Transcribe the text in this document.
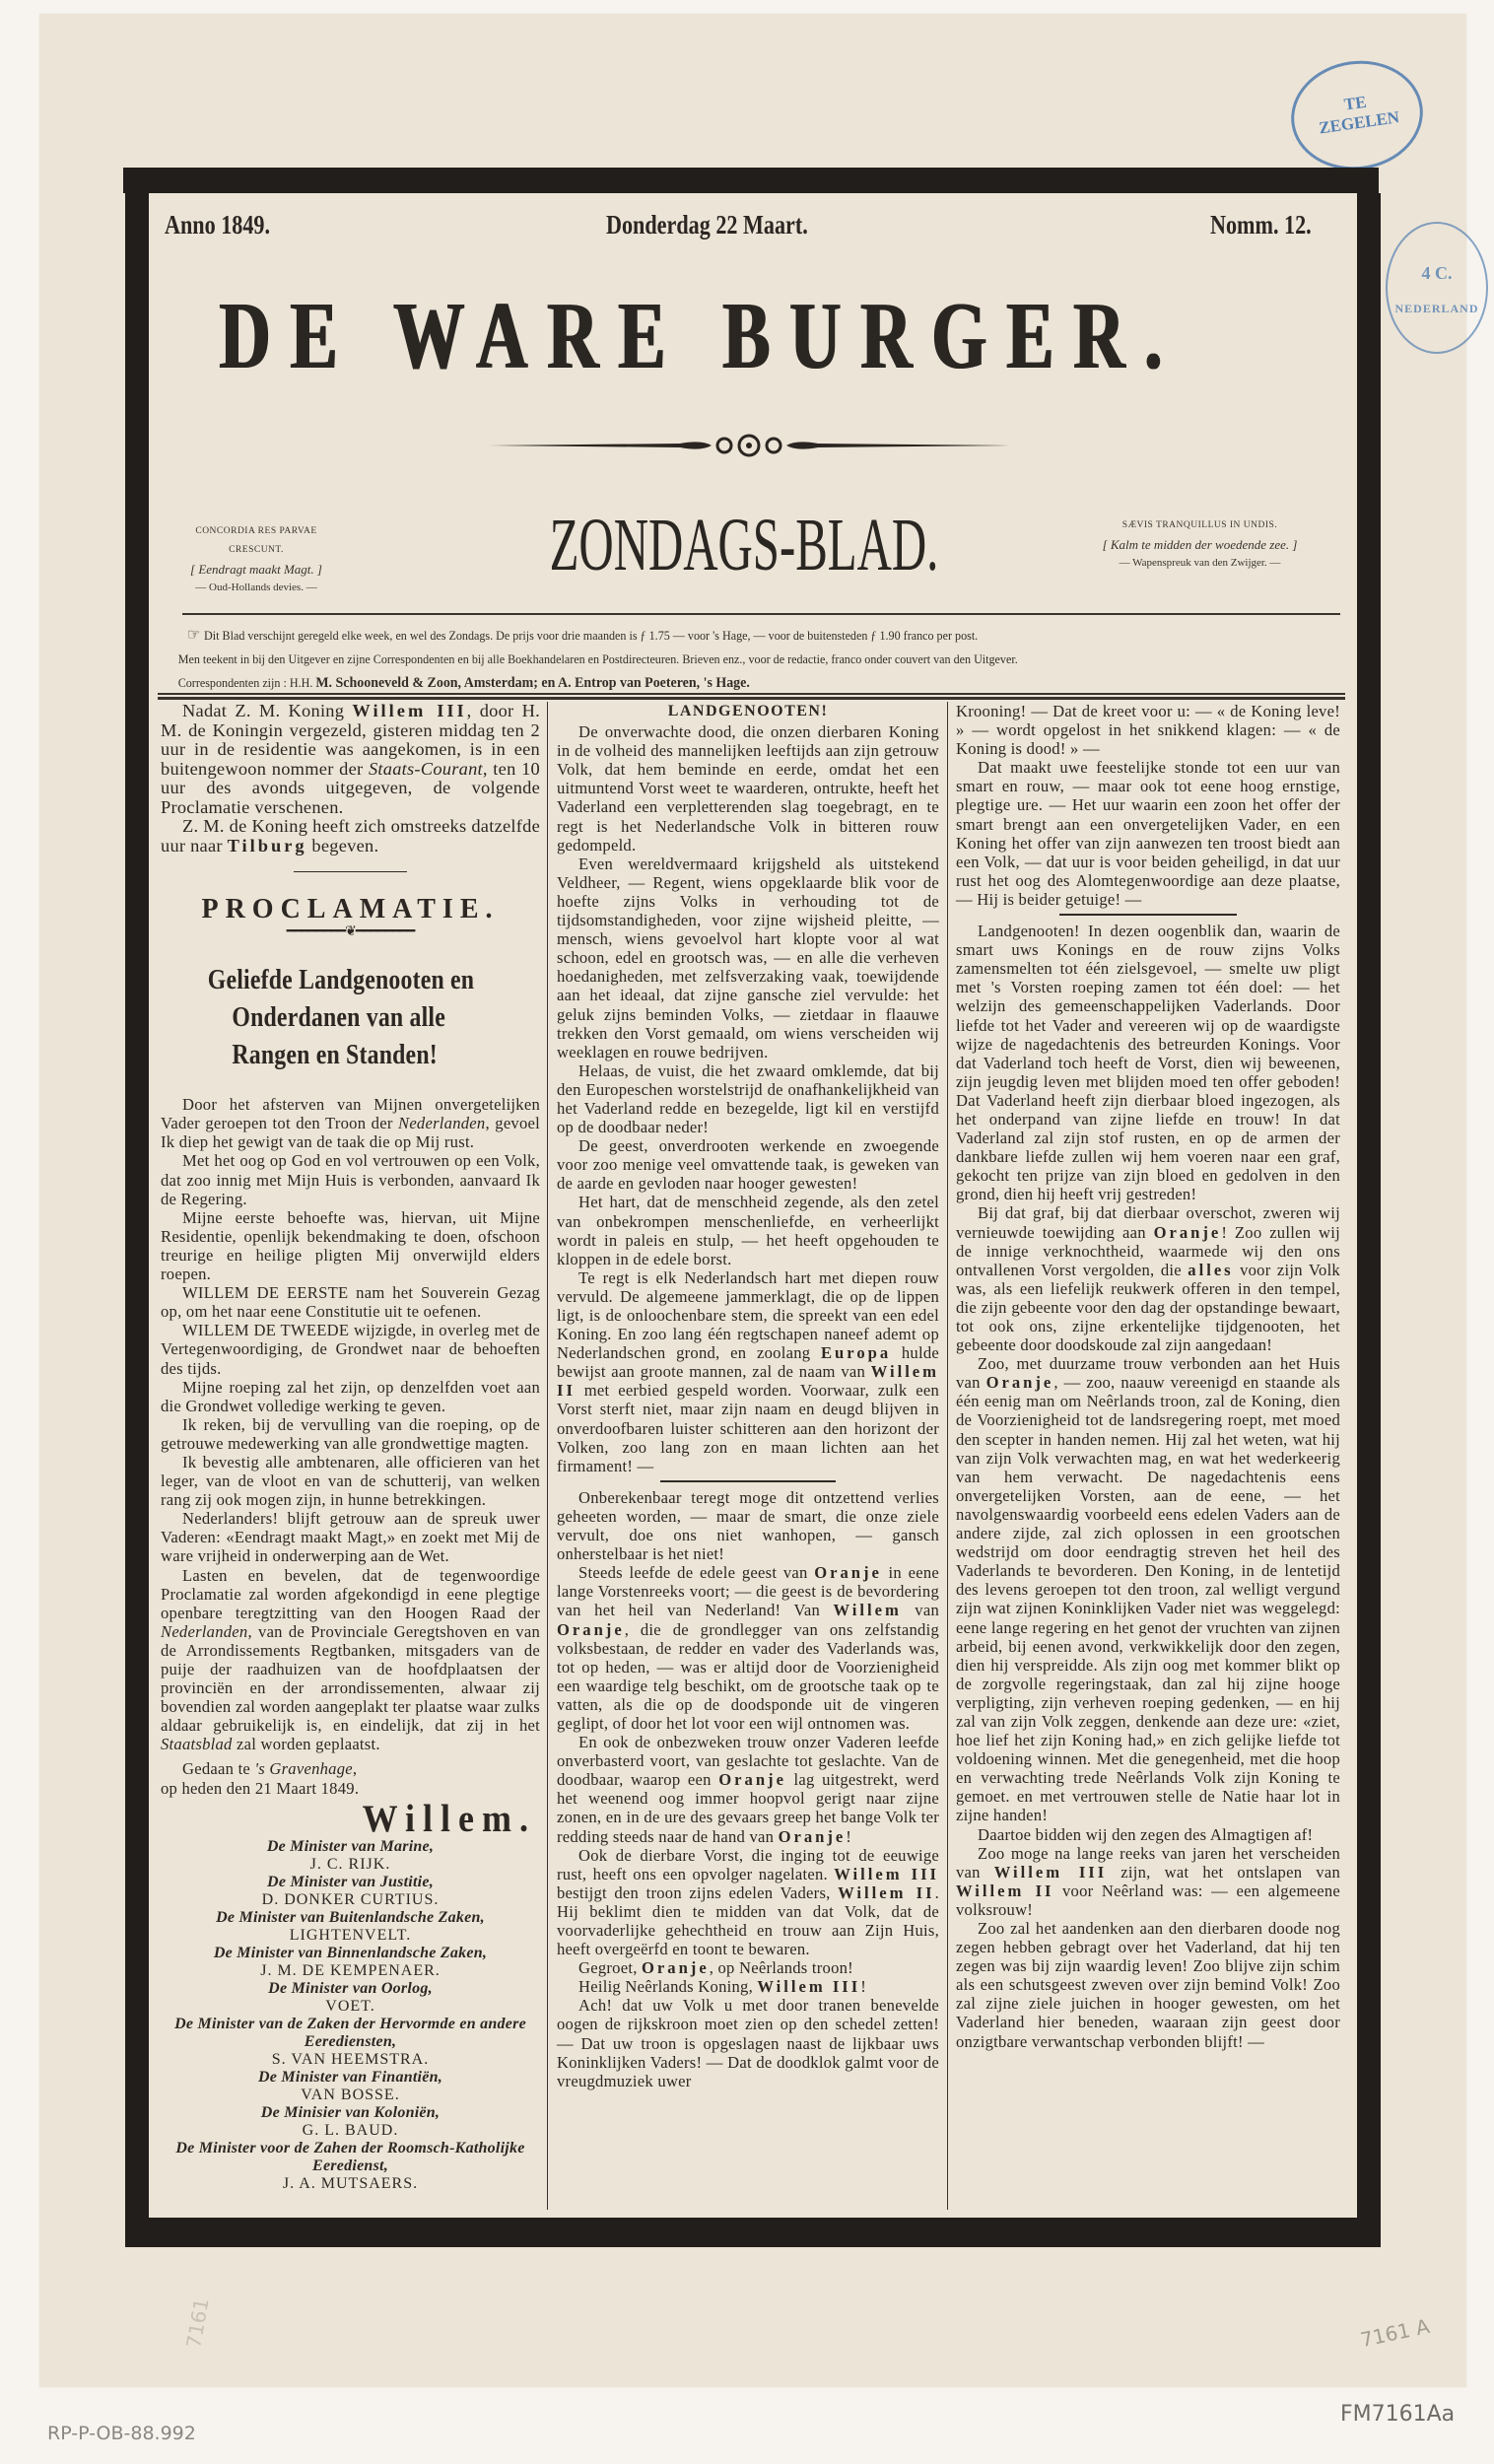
TE ZEGELEN
4 C.
NEDERLAND
Anno 1849.	Donderdag 22 Maart.	Nomm. 12.
DE WARE BURGER.
CONCORDIA RES PARVAE CRESCUNT.
[ Eendragt maakt Magt. ]
— Oud-Hollands devies. —
ZONDAGS-BLAD.	SÆVIS TRANQUILLUS IN UNDIS.
[ Kalm te midden der woedende zee. ]
— Wapenspreuk van den Zwijger. —
☞ Dit Blad verschijnt geregeld elke week, en wel des Zondags. De prijs voor drie maanden is ƒ 1.75 — voor 's Hage, — voor de buitensteden ƒ 1.90 franco per post.
Men teekent in bij den Uitgever en zijne Correspondenten en bij alle Boekhandelaren en Postdirecteuren. Brieven enz., voor de redactie, franco onder couvert van den Uitgever.
Correspondenten zijn : H.H. M. Schooneveld & Zoon, Amsterdam; en A. Entrop van Poeteren, 's Hage.

Nadat Z. M. Koning Willem III, door H. M. de Koningin vergezeld, gisteren middag ten 2 uur in de residentie was aangekomen, is in een buitengewoon nommer der Staats-Courant, ten 10 uur des avonds uitgegeven, de volgende Proclamatie verschenen.

Z. M. de Koning heeft zich omstreeks datzelfde uur naar Tilburg begeven.

PROCLAMATIE.
━━━━━━━━❦━━━━━━━━
Geliefde Landgenooten en Onderdanen van alle Rangen en Standen!

Door het afsterven van Mijnen onvergetelijken Vader geroepen tot den Troon der Nederlanden, gevoel Ik diep het gewigt van de taak die op Mij rust.

Met het oog op God en vol vertrouwen op een Volk, dat zoo innig met Mijn Huis is verbonden, aanvaard Ik de Regering.

Mijne eerste behoefte was, hiervan, uit Mijne Residentie, openlijk bekendmaking te doen, ofschoon treurige en heilige pligten Mij onverwijld elders roepen.

WILLEM DE EERSTE nam het Souverein Gezag op, om het naar eene Constitutie uit te oefenen.

WILLEM DE TWEEDE wijzigde, in overleg met de Vertegenwoordiging, de Grondwet naar de behoeften des tijds.

Mijne roeping zal het zijn, op denzelfden voet aan die Grondwet volledige werking te geven.

Ik reken, bij de vervulling van die roeping, op de getrouwe medewerking van alle grondwettige magten.

Ik bevestig alle ambtenaren, alle officieren van het leger, van de vloot en van de schutterij, van welken rang zij ook mogen zijn, in hunne betrekkingen.

Nederlanders! blijft getrouw aan de spreuk uwer Vaderen: «Eendragt maakt Magt,» en zoekt met Mij de ware vrijheid in onderwerping aan de Wet.

Lasten en bevelen, dat de tegenwoordige Proclamatie zal worden afgekondigd in eene plegtige openbare teregtzitting van den Hoogen Raad der Nederlanden, van de Provinciale Geregtshoven en van de Arrondissements Regtbanken, mitsgaders van de puije der raadhuizen van de hoofdplaatsen der provinciën en der arrondissementen, alwaar zij bovendien zal worden aangeplakt ter plaatse waar zulks aldaar gebruikelijk is, en eindelijk, dat zij in het Staatsblad zal worden geplaatst.

Gedaan te 's Gravenhage,

op heden den 21 Maart 1849.

Willem.
De Minister van Marine,
J. C. RIJK.
De Minister van Justitie,
D. DONKER CURTIUS.
De Minister van Buitenlandsche Zaken,
LIGHTENVELT.
De Minister van Binnenlandsche Zaken,
J. M. DE KEMPENAER.
De Minister van Oorlog,
VOET.
De Minister van de Zaken der Hervormde en andere Eerediensten,
S. VAN HEEMSTRA.
De Minister van Finantiën,
VAN BOSSE.
De Minisier van Koloniën,
G. L. BAUD.
De Minister voor de Zahen der Roomsch-Katholijke Eeredienst,
J. A. MUTSAERS.
LANDGENOOTEN!

De onverwachte dood, die onzen dierbaren Koning in de volheid des mannelijken leeftijds aan zijn getrouw Volk, dat hem beminde en eerde, omdat het een uitmuntend Vorst weet te waarderen, ontrukte, heeft het Vaderland een verpletterenden slag toegebragt, en te regt is het Nederlandsche Volk in bitteren rouw gedompeld.

Even wereldvermaard krijgsheld als uitstekend Veldheer, — Regent, wiens opgeklaarde blik voor de hoefte zijns Volks in verhouding tot de tijdsomstandigheden, voor zijne wijsheid pleitte, — mensch, wiens gevoelvol hart klopte voor al wat schoon, edel en grootsch was, — en alle die verheven hoedanigheden, met zelfsverzaking vaak, toewijdende aan het ideaal, dat zijne gansche ziel vervulde: het geluk zijns beminden Volks, — zietdaar in flaauwe trekken den Vorst gemaald, om wiens verscheiden wij weeklagen en rouwe bedrijven.

Helaas, de vuist, die het zwaard omklemde, dat bij den Europeschen worstelstrijd de onafhankelijkheid van het Vaderland redde en bezegelde, ligt kil en verstijfd op de doodbaar neder!

De geest, onverdrooten werkende en zwoegende voor zoo menige veel omvattende taak, is geweken van de aarde en gevloden naar hooger gewesten!

Het hart, dat de menschheid zegende, als den zetel van onbekrompen menschenliefde, en verheerlijkt wordt in paleis en stulp, — het heeft opgehouden te kloppen in de edele borst.

Te regt is elk Nederlandsch hart met diepen rouw vervuld. De algemeene jammerklagt, die op de lippen ligt, is de onloochenbare stem, die spreekt van een edel Koning. En zoo lang één regtschapen naneef ademt op Nederlandschen grond, en zoolang Europa hulde bewijst aan groote mannen, zal de naam van Willem II met eerbied gespeld worden. Voorwaar, zulk een Vorst sterft niet, maar zijn naam en deugd blijven in onverdoofbaren luister schitteren aan den horizont der Volken, zoo lang zon en maan lichten aan het firmament! —

Onberekenbaar teregt moge dit ontzettend verlies geheeten worden, — maar de smart, die onze ziele vervult, doe ons niet wanhopen, — gansch onherstelbaar is het niet!

Steeds leefde de edele geest van Oranje in eene lange Vorstenreeks voort; — die geest is de bevordering van het heil van Nederland! Van Willem van Oranje, die de grondlegger van ons zelfstandig volksbestaan, de redder en vader des Vaderlands was, tot op heden, — was er altijd door de Voorzienigheid een waardige telg beschikt, om de grootsche taak op te vatten, als die op de doodsponde uit de vingeren geglipt, of door het lot voor een wijl ontnomen was.

En ook de onbezweken trouw onzer Vaderen leefde onverbasterd voort, van geslachte tot geslachte. Van de doodbaar, waarop een Oranje lag uitgestrekt, werd het weenend oog immer hoopvol gerigt naar zijne zonen, en in de ure des gevaars greep het bange Volk ter redding steeds naar de hand van Oranje!

Ook de dierbare Vorst, die inging tot de eeuwige rust, heeft ons een opvolger nagelaten. Willem III bestijgt den troon zijns edelen Vaders, Willem II. Hij beklimt dien te midden van dat Volk, dat de voorvaderlijke gehechtheid en trouw aan Zijn Huis, heeft overgeërfd en toont te bewaren.

Gegroet, Oranje, op Neêrlands troon!

Heilig Neêrlands Koning, Willem III!

Ach! dat uw Volk u met door tranen benevelde oogen de rijkskroon moet zien op den schedel zetten! — Dat uw troon is opgeslagen naast de lijkbaar uws Koninklijken Vaders! — Dat de doodklok galmt voor de vreugdmuziek uwer

Krooning! — Dat de kreet voor u: — « de Koning leve! » — wordt opgelost in het snikkend klagen: — « de Koning is dood! » —

Dat maakt uwe feestelijke stonde tot een uur van smart en rouw, — maar ook tot eene hoog ernstige, plegtige ure. — Het uur waarin een zoon het offer der smart brengt aan een onvergetelijken Vader, en een Koning het offer van zijn aanwezen ten troost biedt aan een Volk, — dat uur is voor beiden geheiligd, in dat uur rust het oog des Alomtegenwoordige aan deze plaatse, — Hij is beider getuige! —

Landgenooten! In dezen oogenblik dan, waarin de smart uws Konings en de rouw zijns Volks zamensmelten tot één zielsgevoel, — smelte uw pligt met 's Vorsten roeping zamen tot één doel: — het welzijn des gemeenschappelijken Vaderlands. Door liefde tot het Vader and vereeren wij op de waardigste wijze de nagedachtenis des betreurden Konings. Voor dat Vaderland toch heeft de Vorst, dien wij beweenen, zijn jeugdig leven met blijden moed ten offer geboden! Dat Vaderland heeft zijn dierbaar bloed ingezogen, als het onderpand van zijne liefde en trouw! In dat Vaderland zal zijn stof rusten, en op de armen der dankbare liefde zullen wij hem voeren naar een graf, gekocht ten prijze van zijn bloed en gedolven in den grond, dien hij heeft vrij gestreden!

Bij dat graf, bij dat dierbaar overschot, zweren wij vernieuwde toewijding aan Oranje! Zoo zullen wij de innige verknochtheid, waarmede wij den ons ontvallenen Vorst vergolden, die alles voor zijn Volk was, als een liefelijk reukwerk offeren in den tempel, die zijn gebeente voor den dag der opstandinge bewaart, tot ook ons, zijne erkentelijke tijdgenooten, het gebeente door doodskoude zal zijn aangedaan!

Zoo, met duurzame trouw verbonden aan het Huis van Oranje, — zoo, naauw vereenigd en staande als één eenig man om Neêrlands troon, zal de Koning, dien de Voorzienigheid tot de landsregering roept, met moed den scepter in handen nemen. Hij zal het weten, wat hij van zijn Volk verwachten mag, en wat het wederkeerig van hem verwacht. De nagedachtenis eens onvergetelijken Vorsten, aan de eene, — het navolgenswaardig voorbeeld eens edelen Vaders aan de andere zijde, zal zich oplossen in een grootschen wedstrijd om door eendragtig streven het heil des Vaderlands te bevorderen. Den Koning, in de lentetijd des levens geroepen tot den troon, zal welligt vergund zijn wat zijnen Koninklijken Vader niet was weggelegd: eene lange regering en het genot der vruchten van zijnen arbeid, bij eenen avond, verkwikkelijk door den zegen, dien hij verspreidde. Als zijn oog met kommer blikt op de zorgvolle regeringstaak, dan zal hij zijne hooge verpligting, zijn verheven roeping gedenken, — en hij zal van zijn Volk zeggen, denkende aan deze ure: «ziet, hoe lief het zijn Koning had,» en zich gelijke liefde tot voldoening winnen. Met die genegenheid, met die hoop en verwachting trede Neêrlands Volk zijn Koning te gemoet. en met vertrouwen stelle de Natie haar lot in zijne handen!

Daartoe bidden wij den zegen des Almagtigen af!

Zoo moge na lange reeks van jaren het verscheiden van Willem III zijn, wat het ontslapen van Willem II voor Neêrland was: — een algemeene volksrouw!

Zoo zal het aandenken aan den dierbaren doode nog zegen hebben gebragt over het Vaderland, dat hij ten zegen was bij zijn waardig leven! Zoo blijve zijn schim als een schutsgeest zweven over zijn bemind Volk! Zoo zal zijne ziele juichen in hooger gewesten, om het Vaderland hier beneden, waaraan zijn geest door onzigtbare verwantschap verbonden blijft! —

7161	7161 A
RP-P-OB-88.992
FM7161Aa
